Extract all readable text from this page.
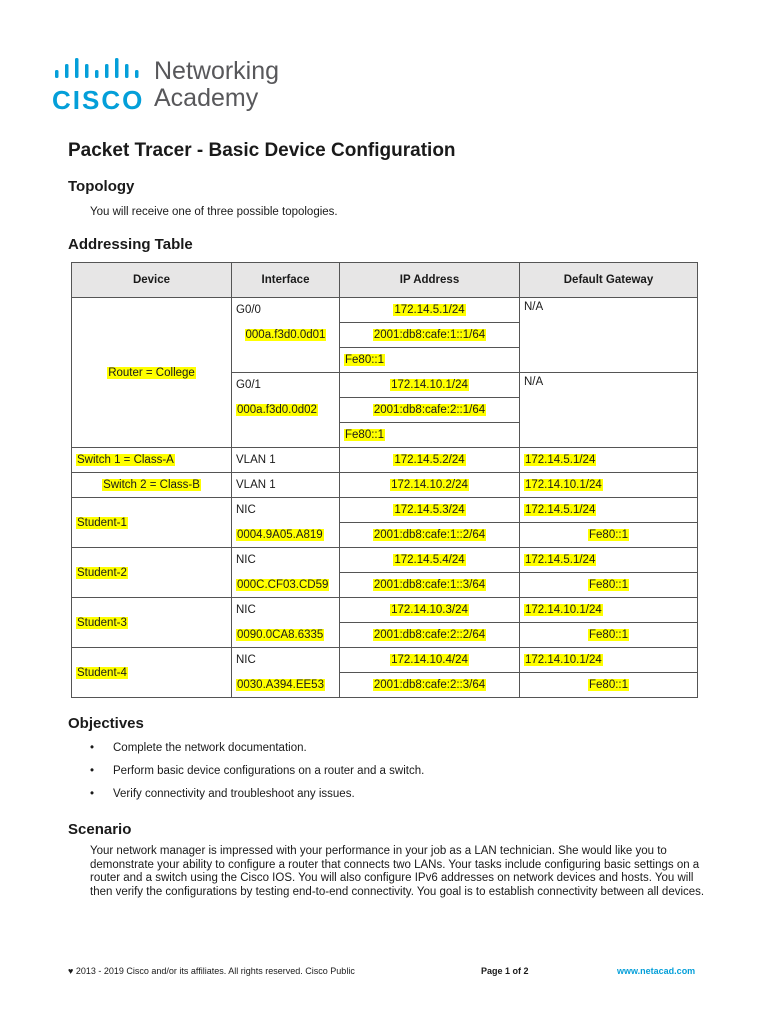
CISCO
Networking
Academy
Packet Tracer - Basic Device Configuration
Topology
You will receive one of three possible topologies.
Addressing Table
Device	Interface	IP Address	Default Gateway
Router = College	G0/0	172.14.5.1/24	N/A
	000a.f3d0.0d01	2001:db8:cafe:1::1/64	
		Fe80::1	
	G0/1	172.14.10.1/24	N/A
	000a.f3d0.0d02	2001:db8:cafe:2::1/64	
		Fe80::1	
Switch 1 = Class-A	VLAN 1	172.14.5.2/24	172.14.5.1/24
Switch 2 = Class-B	VLAN 1	172.14.10.2/24	172.14.10.1/24
Student-1	NIC	172.14.5.3/24	172.14.5.1/24
	0004.9A05.A819	2001:db8:cafe:1::2/64	Fe80::1
Student-2	NIC	172.14.5.4/24	172.14.5.1/24
	000C.CF03.CD59	2001:db8:cafe:1::3/64	Fe80::1
Student-3	NIC	172.14.10.3/24	172.14.10.1/24
	0090.0CA8.6335	2001:db8:cafe:2::2/64	Fe80::1
Student-4	NIC	172.14.10.4/24	172.14.10.1/24
	0030.A394.EE53	2001:db8:cafe:2::3/64	Fe80::1
Objectives
• Complete the network documentation.
• Perform basic device configurations on a router and a switch.
• Verify connectivity and troubleshoot any issues.
Scenario
Your network manager is impressed with your performance in your job as a LAN technician. She would like you to demonstrate your ability to configure a router that connects two LANs. Your tasks include configuring basic settings on a router and a switch using the Cisco IOS. You will also configure IPv6 addresses on network devices and hosts. You will then verify the configurations by testing end-to-end connectivity. You goal is to establish connectivity between all devices.
♥ 2013 - 2019 Cisco and/or its affiliates. All rights reserved. Cisco Public	Page 1 of 2	www.netacad.com
